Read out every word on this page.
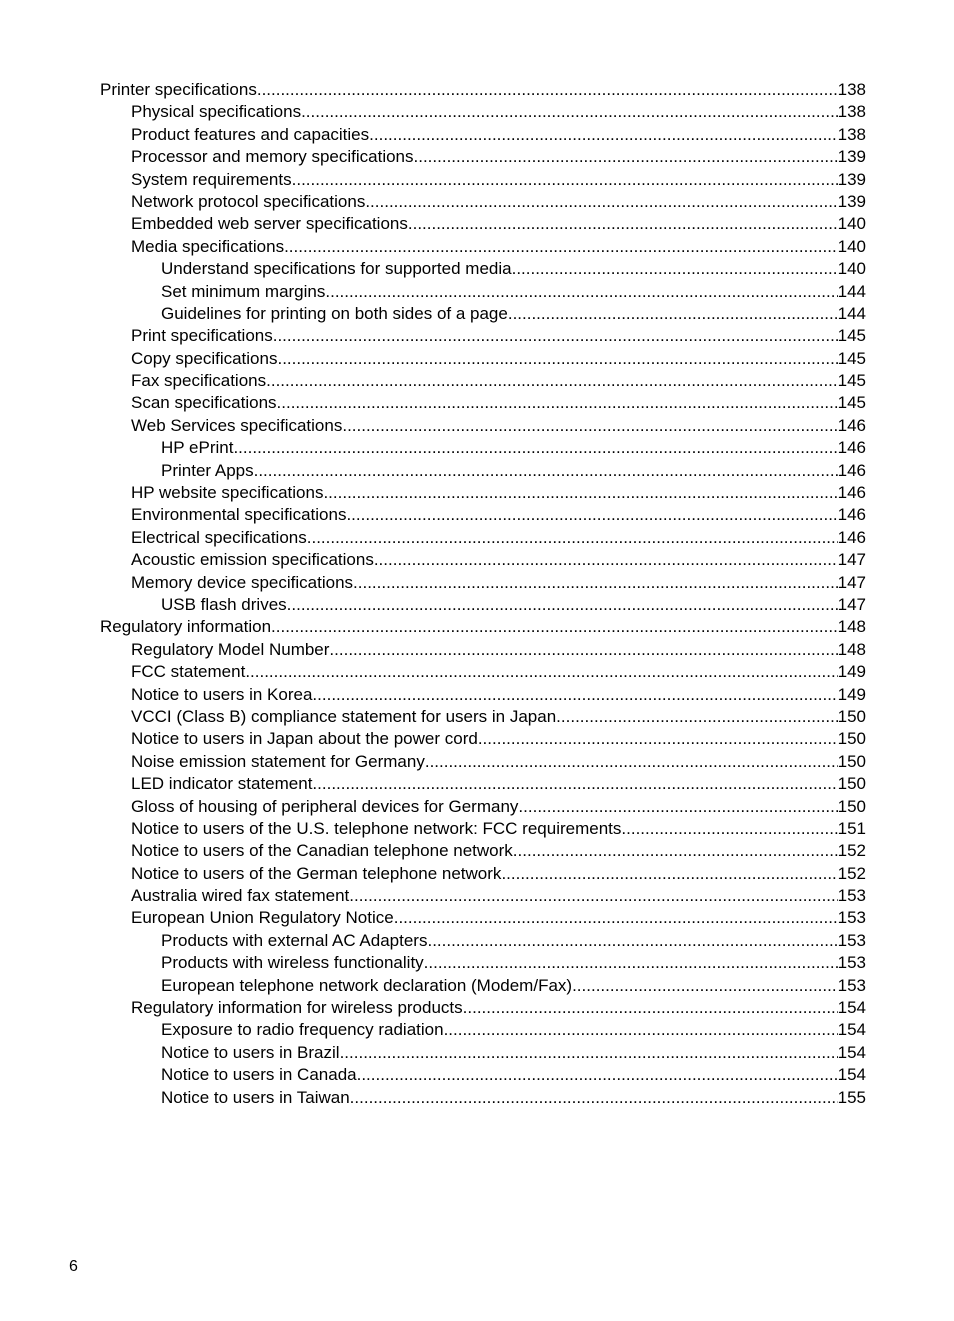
Printer specifications .....	138
Physical specifications .....	138
Product features and capacities .....	138
Processor and memory specifications .....	139
System requirements .....	139
Network protocol specifications .....	139
Embedded web server specifications .....	140
Media specifications .....	140
Understand specifications for supported media .....	140
Set minimum margins .....	144
Guidelines for printing on both sides of a page .....	144
Print specifications .....	145
Copy specifications .....	145
Fax specifications .....	145
Scan specifications .....	145
Web Services specifications .....	146
HP ePrint .....	146
Printer Apps .....	146
HP website specifications .....	146
Environmental specifications .....	146
Electrical specifications .....	146
Acoustic emission specifications .....	147
Memory device specifications .....	147
USB flash drives .....	147
Regulatory information .....	148
Regulatory Model Number .....	148
FCC statement .....	149
Notice to users in Korea .....	149
VCCI (Class B) compliance statement for users in Japan .....	150
Notice to users in Japan about the power cord .....	150
Noise emission statement for Germany .....	150
LED indicator statement .....	150
Gloss of housing of peripheral devices for Germany .....	150
Notice to users of the U.S. telephone network: FCC requirements .....	151
Notice to users of the Canadian telephone network .....	152
Notice to users of the German telephone network .....	152
Australia wired fax statement .....	153
European Union Regulatory Notice .....	153
Products with external AC Adapters .....	153
Products with wireless functionality .....	153
European telephone network declaration (Modem/Fax) .....	153
Regulatory information for wireless products .....	154
Exposure to radio frequency radiation .....	154
Notice to users in Brazil .....	154
Notice to users in Canada .....	154
Notice to users in Taiwan .....	155
6
